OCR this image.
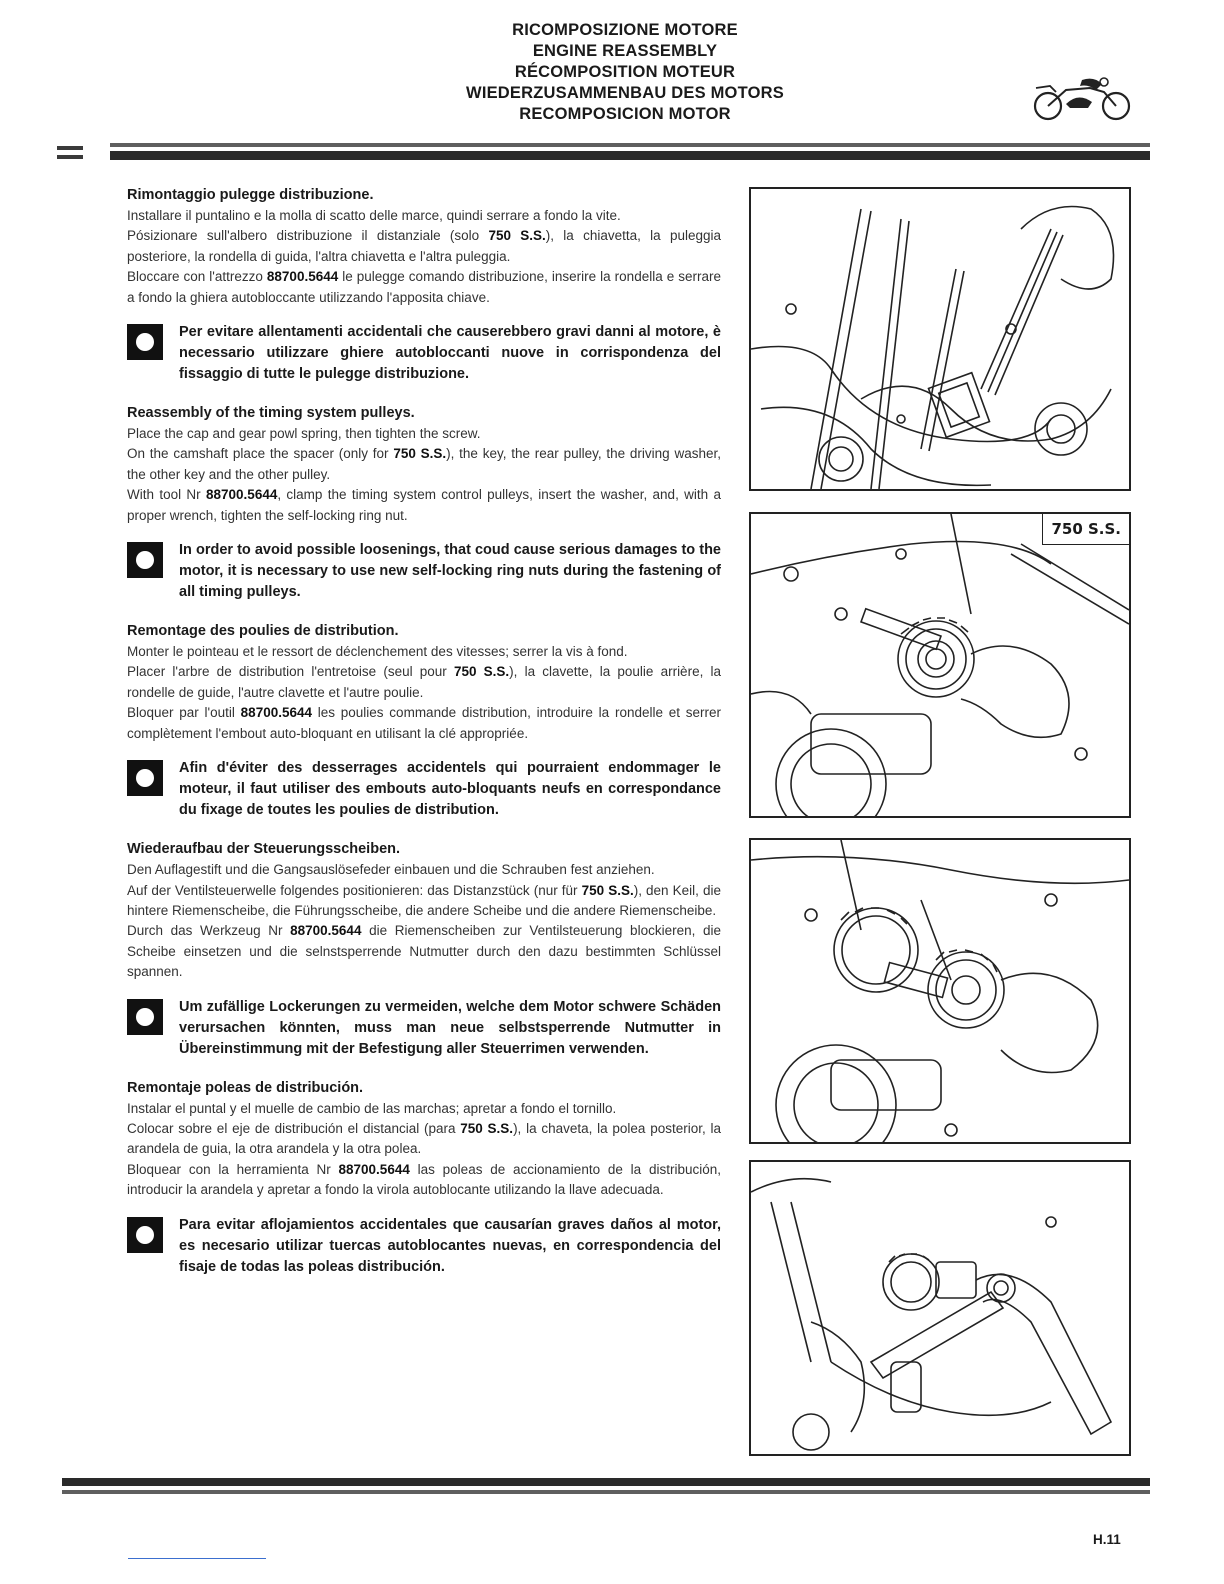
RICOMPOSIZIONE MOTORE
ENGINE REASSEMBLY
RÉCOMPOSITION MOTEUR
WIEDERZUSAMMENBAU DES MOTORS
RECOMPOSICION MOTOR

Rimontaggio pulegge distribuzione.

Installare il puntalino e la molla di scatto delle marce, quindi serrare a fondo la vite.

Pósizionare sull'albero distribuzione il distanziale (solo 750 S.S.), la chiavetta, la puleggia posteriore, la rondella di guida, l'altra chiavetta e l'altra puleggia.

Bloccare con l'attrezzo 88700.5644 le pulegge comando distribuzione, inserire la rondella e serrare a fondo la ghiera autobloccante utilizzando l'apposita chiave.

Per evitare allentamenti accidentali che causerebbero gravi danni al motore, è necessario utilizzare ghiere autobloccanti nuove in corrispondenza del fissaggio di tutte le pulegge distribuzione.

Reassembly of the timing system pulleys.

Place the cap and gear powl spring, then tighten the screw.

On the camshaft place the spacer (only for 750 S.S.), the key, the rear pulley, the driving washer, the other key and the other pulley.

With tool Nr 88700.5644, clamp the timing system control pulleys, insert the washer, and, with a proper wrench, tighten the self-locking ring nut.

In order to avoid possible loosenings, that coud cause serious damages to the motor, it is necessary to use new self-locking ring nuts during the fastening of all timing pulleys.

Remontage des poulies de distribution.

Monter le pointeau et le ressort de déclenchement des vitesses; serrer la vis à fond.

Placer l'arbre de distribution l'entretoise (seul pour 750 S.S.), la clavette, la poulie arrière, la rondelle de guide, l'autre clavette et l'autre poulie.

Bloquer par l'outil 88700.5644 les poulies commande distribution, introduire la rondelle et serrer complètement l'embout auto-bloquant en utilisant la clé appropriée.

Afin d'éviter des desserrages accidentels qui pourraient endommager le moteur, il faut utiliser des embouts auto-bloquants neufs en correspondance du fixage de toutes les poulies de distribution.

Wiederaufbau der Steuerungsscheiben.

Den Auflagestift und die Gangsauslösefeder einbauen und die Schrauben fest anziehen.

Auf der Ventilsteuerwelle folgendes positionieren: das Distanzstück (nur für 750 S.S.), den Keil, die hintere Riemenscheibe, die Führungsscheibe, die andere Scheibe und die andere Riemenscheibe.

Durch das Werkzeug Nr 88700.5644 die Riemenscheiben zur Ventilsteuerung blockieren, die Scheibe einsetzen und die selnstsperrende Nutmutter durch den dazu bestimmten Schlüssel spannen.

Um zufällige Lockerungen zu vermeiden, welche dem Motor schwere Schäden verursachen könnten, muss man neue selbstsperrende Nutmutter in Übereinstimmung mit der Befestigung aller Steuerrimen verwenden.

Remontaje poleas de distribución.

Instalar el puntal y el muelle de cambio de las marchas; apretar a fondo el tornillo.

Colocar sobre el eje de distribución el distancial (para 750 S.S.), la chaveta, la polea posterior, la arandela de guia, la otra arandela y la otra polea.

Bloquear con la herramienta Nr 88700.5644 las poleas de accionamiento de la distribución, introducir la arandela y apretar a fondo la virola autoblocante utilizando la llave adecuada.

Para evitar aflojamientos accidentales que causarían graves daños al motor, es necesario utilizar tuercas autoblocantes nuevas, en correspondencia del fisaje de todas las poleas distribución.
750 S.S.
H.11
